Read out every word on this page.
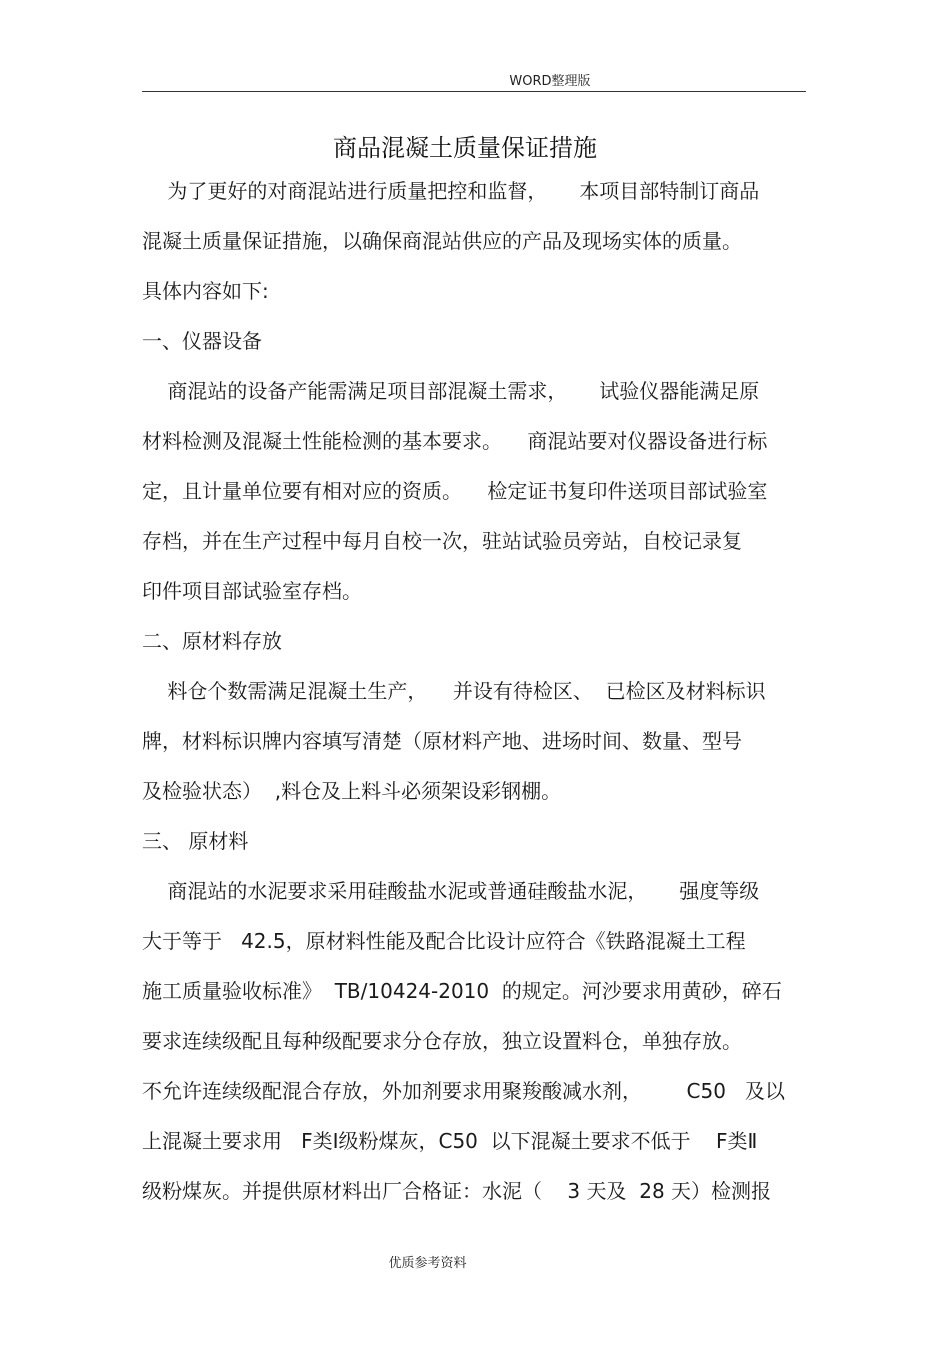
WORD整理版
商品混凝土质量保证措施
为了更好的对商混站进行质量把控和监督，     本项目部特制订商品
混凝土质量保证措施，以确保商混站供应的产品及现场实体的质量。
具体内容如下:
一、仪器设备
商混站的设备产能需满足项目部混凝土需求，     试验仪器能满足原
材料检测及混凝土性能检测的基本要求。    商混站要对仪器设备进行标
定，且计量单位要有相对应的资质。    检定证书复印件送项目部试验室
存档，并在生产过程中每月自校一次，驻站试验员旁站，自校记录复
印件项目部试验室存档。
二、原材料存放
料仓个数需满足混凝土生产，    并设有待检区、  已检区及材料标识
牌，材料标识牌内容填写清楚（原材料产地、进场时间、数量、型号
及检验状态）  ,料仓及上料斗必须架设彩钢棚。
三、 原材料
商混站的水泥要求采用硅酸盐水泥或普通硅酸盐水泥，     强度等级
大于等于   42.5，原材料性能及配合比设计应符合《铁路混凝土工程
施工质量验收标准》  TB/10424-2010  的规定。河沙要求用黄砂，碎石
要求连续级配且每种级配要求分仓存放，独立设置料仓，单独存放。
不允许连续级配混合存放，外加剂要求用聚羧酸减水剂，       C50   及以
上混凝土要求用   F类Ⅰ级粉煤灰，C50  以下混凝土要求不低于    F类Ⅱ
级粉煤灰。并提供原材料出厂合格证：水泥（    3 天及  28 天）检测报
优质参考资料
